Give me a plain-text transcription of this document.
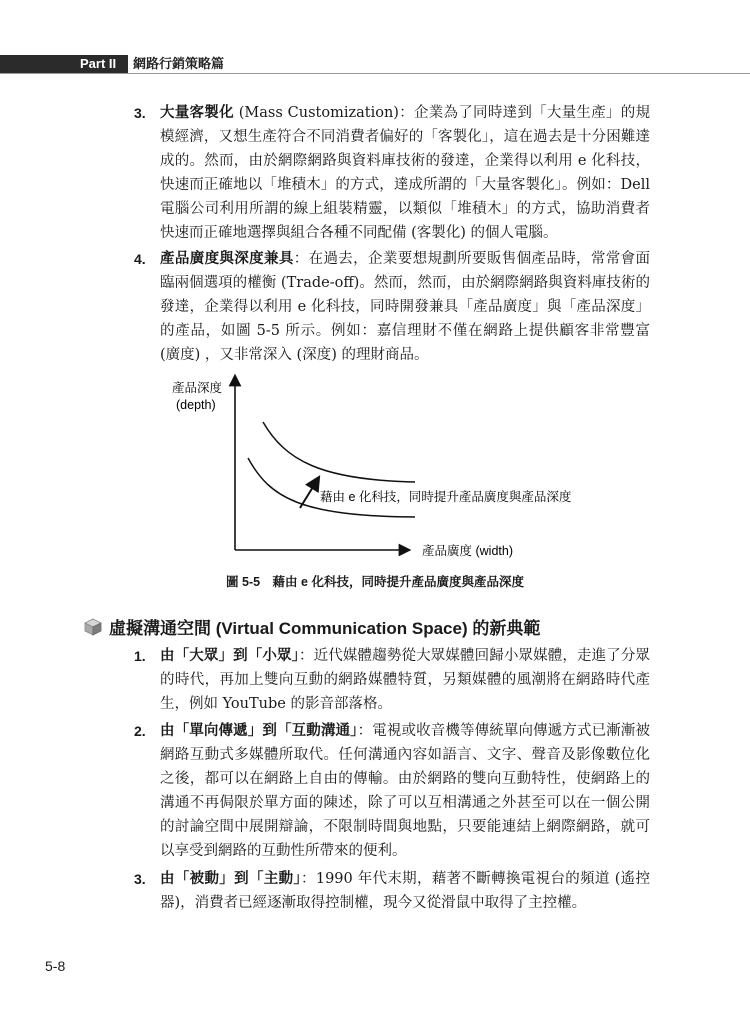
Part II 網路行銷策略篇
3. 大量客製化 (Mass Customization)：企業為了同時達到「大量生產」的規模經濟，又想生產符合不同消費者偏好的「客製化」，這在過去是十分困難達成的。然而，由於網際網路與資料庫技術的發達，企業得以利用 e 化科技，快速而正確地以「堆積木」的方式，達成所謂的「大量客製化」。例如：Dell 電腦公司利用所謂的線上組裝精靈，以類似「堆積木」的方式，協助消費者快速而正確地選擇與組合各種不同配備 (客製化) 的個人電腦。
4. 產品廣度與深度兼具：在過去，企業要想規劃所要販售個產品時，常常會面臨兩個選項的權衡 (Trade-off)。然而，然而，由於網際網路與資料庫技術的發達，企業得以利用 e 化科技，同時開發兼具「產品廣度」與「產品深度」的產品，如圖 5-5 所示。例如：嘉信理財不僅在網路上提供顧客非常豐富 (廣度) ，又非常深入 (深度) 的理財商品。
產品深度
(depth)
藉由 e 化科技，同時提升產品廣度與產品深度
產品廣度 (width)
圖 5-5　藉由 e 化科技，同時提升產品廣度與產品深度
虛擬溝通空間 (Virtual Communication Space) 的新典範
1. 由「大眾」到「小眾」：近代媒體趨勢從大眾媒體回歸小眾媒體，走進了分眾的時代，再加上雙向互動的網路媒體特質，另類媒體的風潮將在網路時代產生，例如 YouTube 的影音部落格。
2. 由「單向傳遞」到「互動溝通」：電視或收音機等傳統單向傳遞方式已漸漸被網路互動式多媒體所取代。任何溝通內容如語言、文字、聲音及影像數位化之後，都可以在網路上自由的傳輸。由於網路的雙向互動特性，使網路上的溝通不再侷限於單方面的陳述，除了可以互相溝通之外甚至可以在一個公開的討論空間中展開辯論，不限制時間與地點，只要能連結上網際網路，就可以享受到網路的互動性所帶來的便利。
3. 由「被動」到「主動」：1990 年代末期，藉著不斷轉換電視台的頻道 (遙控器)，消費者已經逐漸取得控制權，現今又從滑鼠中取得了主控權。
5-8
